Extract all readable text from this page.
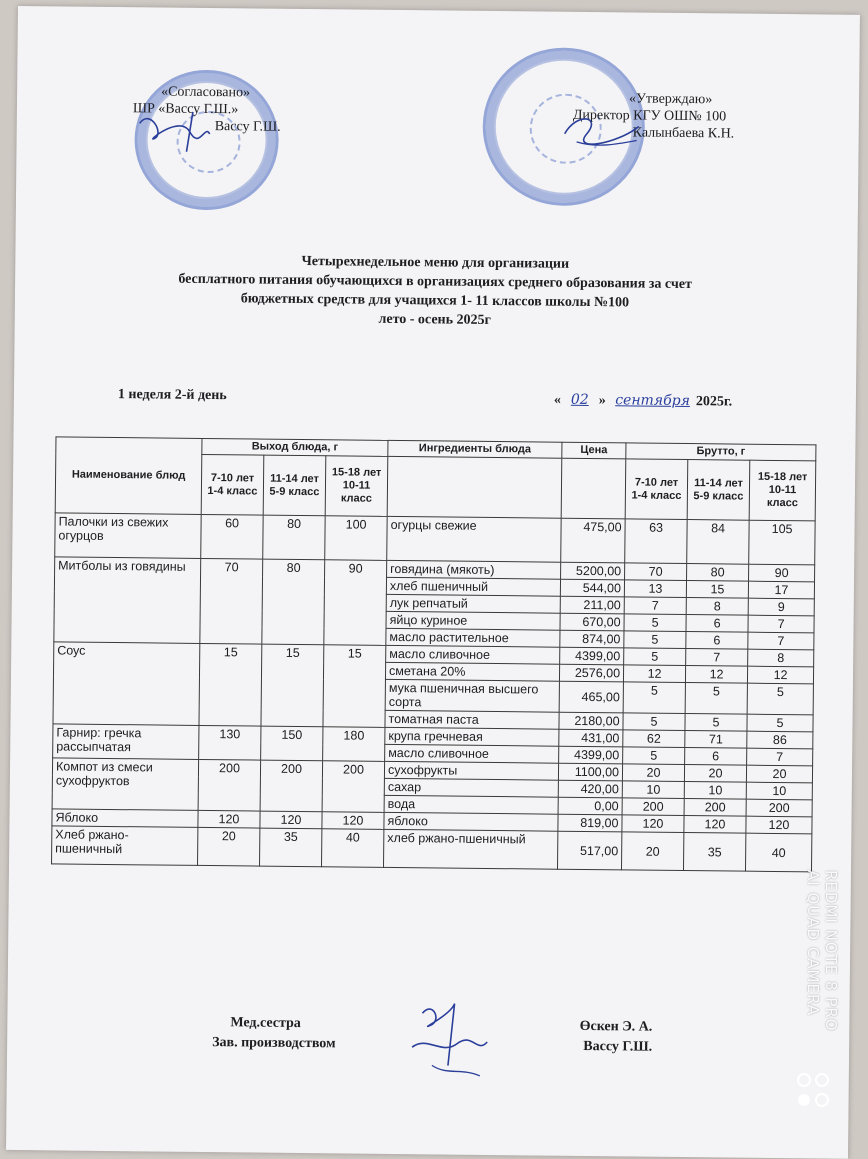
«Согласовано»
ШР «Вассу Г.Ш.»
Вассу Г.Ш.
«Утверждаю»
Директор КГУ ОШ№ 100
Калынбаева К.Н.
Четырехнедельное меню для организации
бесплатного питания обучающихся в организациях среднего образования за счет
бюджетных средств для учащихся 1- 11 классов школы №100
лето - осень 2025г
1 неделя 2-й день	« 02 » сентября 2025г.
Наименование блюд	Выход блюда, г			Ингредиенты блюда	Цена	Брутто, г		
	7-10 лет 1-4 класс	11-14 лет 5-9 класс	15-18 лет 10-11 класс			7-10 лет 1-4 класс	11-14 лет 5-9 класс	15-18 лет 10-11 класс
Палочки из свежих огурцов	60	80	100	огурцы свежие	475,00	63	84	105
Митболы из говядины	70	80	90	говядина (мякоть)	5200,00	70	80	90
				хлеб пшеничный	544,00	13	15	17
				лук репчатый	211,00	7	8	9
				яйцо куриное	670,00	5	6	7
				масло растительное	874,00	5	6	7
Соус	15	15	15	масло сливочное	4399,00	5	7	8
				сметана 20%	2576,00	12	12	12
				мука пшеничная высшего сорта	465,00	5	5	5
				томатная паста	2180,00	5	5	5
Гарнир: гречка рассыпчатая	130	150	180	крупа гречневая	431,00	62	71	86
				масло сливочное	4399,00	5	6	7
Компот из смеси сухофруктов	200	200	200	сухофрукты	1100,00	20	20	20
				сахар	420,00	10	10	10
				вода	0,00	200	200	200
Яблоко	120	120	120	яблоко	819,00	120	120	120
Хлеб ржано-пшеничный	20	35	40	хлеб ржано-пшеничный	517,00	20	35	40
Мед.сестра	Өскен Э. А.
Зав. производством	Вассу Г.Ш.
REDMI NOTE 8 PRO
AI QUAD CAMERA
